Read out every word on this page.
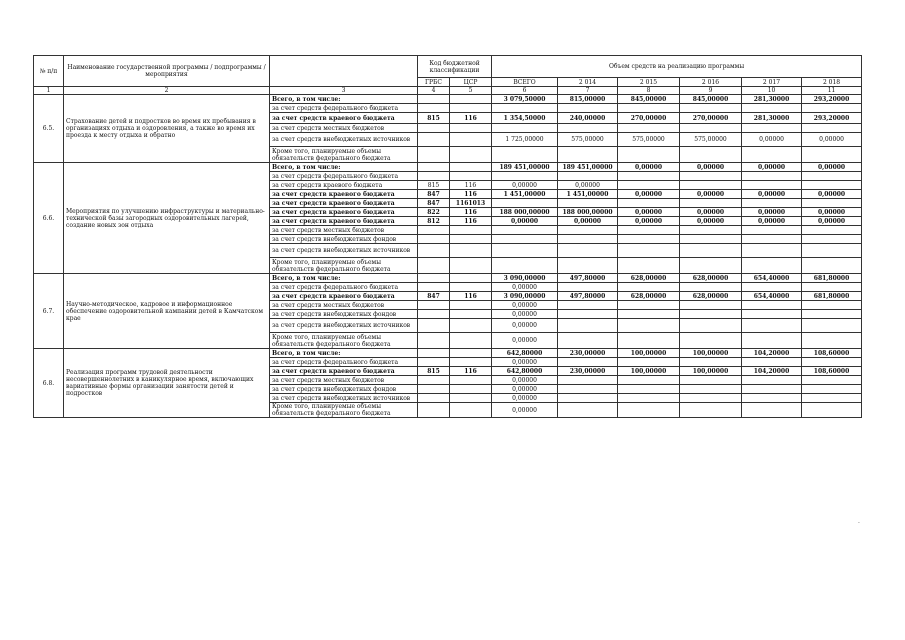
№ п/п	Наименование государственной программы / подпрограммы / мероприятия		Код бюджетной классификации		Объем средств на реализацию программы					
			ГРБС	ЦСР	ВСЕГО	2 014	2 015	2 016	2 017	2 018
1	2	3	4	5	6	7	8	9	10	11
6.5.	Страхование детей и подростков во время их пребывания в организациях отдыха и оздоровления, а также во время их проезда к месту отдыха и обратно	Всего, в том числе:			3 079,50000	815,00000	845,00000	845,00000	281,30000	293,20000
		за счет средств федерального бюджета								
		за счет средств краевого бюджета	815	116	1 354,50000	240,00000	270,00000	270,00000	281,30000	293,20000
		за счет средств местных бюджетов								
		за счет средств внебюджетных источников			1 725,00000	575,00000	575,00000	575,00000	0,00000	0,00000
		Кроме того, планируемые объемы обязательств федерального бюджета								
6.6.	Мероприятия по улучшению инфраструктуры и материально-технической базы загородных оздоровительных лагерей, создание новых зон отдыха	Всего, в том числе:			189 451,00000	189 451,00000	0,00000	0,00000	0,00000	0,00000
		за счет средств федерального бюджета								
		за счет средств краевого бюджета	815	116	0,00000	0,00000				
		за счет средств краевого бюджета	847	116	1 451,00000	1 451,00000	0,00000	0,00000	0,00000	0,00000
		за счет средств краевого бюджета	847	1161013						
		за счет средств краевого бюджета	822	116	188 000,00000	188 000,00000	0,00000	0,00000	0,00000	0,00000
		за счет средств краевого бюджета	812	116	0,00000	0,00000	0,00000	0,00000	0,00000	0,00000
		за счет средств местных бюджетов								
		за счет средств внебюджетных фондов								
		за счет средств внебюджетных источников								
		Кроме того, планируемые объемы обязательств федерального бюджета								
6.7.	Научно-методическое, кадровое и информационное обеспечение оздоровительной кампании детей в Камчатском крае	Всего, в том числе:			3 090,00000	497,80000	628,00000	628,00000	654,40000	681,80000
		за счет средств федерального бюджета			0,00000					
		за счет средств краевого бюджета	847	116	3 090,00000	497,80000	628,00000	628,00000	654,40000	681,80000
		за счет средств местных бюджетов			0,00000					
		за счет средств внебюджетных фондов			0,00000					
		за счет средств внебюджетных источников			0,00000					
		Кроме того, планируемые объемы обязательств федерального бюджета			0,00000					
6.8.	Реализация программ трудовой деятельности несовершеннолетних в каникулярное время, включающих вариативные формы организации занятости детей и подростков	Всего, в том числе:			642,80000	230,00000	100,00000	100,00000	104,20000	108,60000
		за счет средств федерального бюджета			0,00000					
		за счет средств краевого бюджета	815	116	642,80000	230,00000	100,00000	100,00000	104,20000	108,60000
		за счет средств местных бюджетов			0,00000					
		за счет средств внебюджетных фондов			0,00000					
		за счет средств внебюджетных источников			0,00000					
		Кроме того, планируемые объемы обязательств федерального бюджета			0,00000					
·
